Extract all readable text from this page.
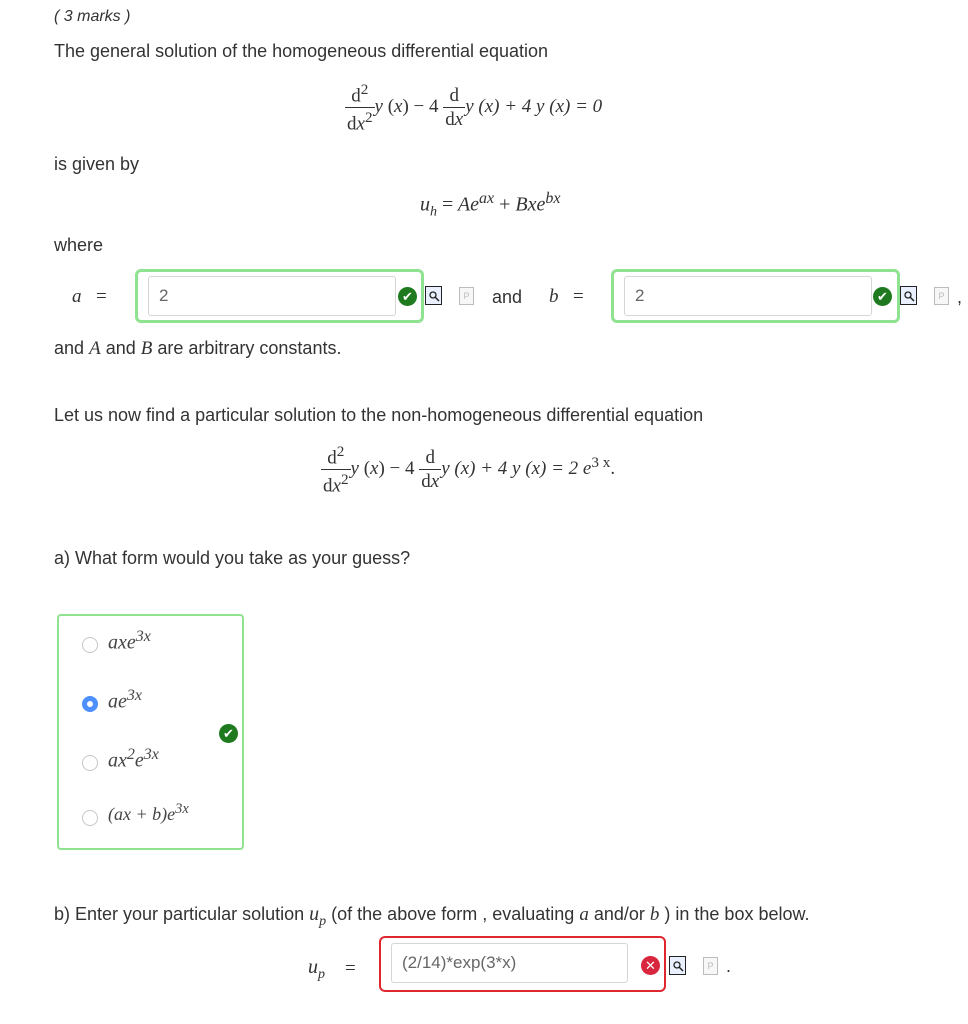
( 3 marks )
The general solution of the homogeneous differential equation
$\frac{d^2}{dx^2}$ y $(x) - 4 \frac{d}{dx}$ y (x) + 4 y (x) = 0
is given by
$u_h = Ae^{ax} + Bxe^{bx}$
where
a =
2	✔	P and b =
2	✔	P ,
and A and B are arbitrary constants.
Let us now find a particular solution to the non-homogeneous differential equation
$\frac{d^2}{dx^2}$ y $(x) - 4 \frac{d}{dx}$ y (x) + 4 y (x) = 2 $e^{3 x}$.
a) What form would you take as your guess?
axe$^{3x}$
$ae^{3x}$
$ax^2e^{3x}$
$(ax + b)e^{3x}$
✔
b) Enter your particular solution $u_p$ (of the above form , evaluating a and/or b ) in the box below.
$u_p$ =
(2/14)*exp(3*x)	✕	P .
